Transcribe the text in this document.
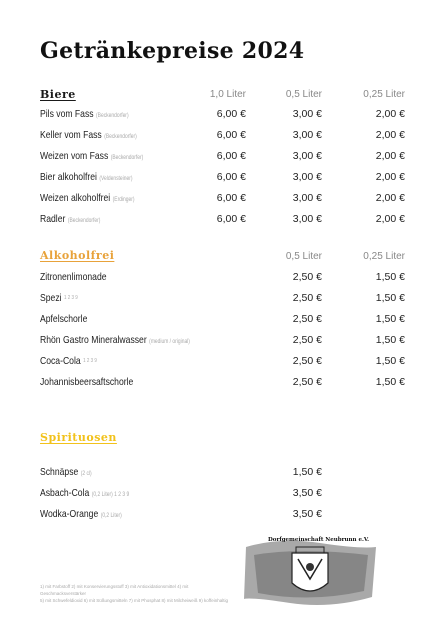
Getränkepreise 2024
Biere	1,0 Liter	0,5 Liter	0,25 Liter
Pils vom Fass (Beckendorfer)	6,00 €	3,00 €	2,00 €
Keller vom Fass (Beckendorfer)	6,00 €	3,00 €	2,00 €
Weizen vom Fass (Beckendorfer)	6,00 €	3,00 €	2,00 €
Bier alkoholfrei (Veldensteiner)	6,00 €	3,00 €	2,00 €
Weizen alkoholfrei (Erdinger)	6,00 €	3,00 €	2,00 €
Radler (Beckendorfer)	6,00 €	3,00 €	2,00 €
Alkoholfrei	0,5 Liter	0,25 Liter
Zitronenlimonade	2,50 €	1,50 €
Spezi $^{1 2 3 9}$	2,50 €	1,50 €
Apfelschorle	2,50 €	1,50 €
Rhön Gastro Mineralwasser (medium / original)	2,50 €	1,50 €
Coca-Cola $^{1 2 3 9}$	2,50 €	1,50 €
Johannisbeersaftschorle	2,50 €	1,50 €
Spirituosen
Schnäpse (2 cl)	1,50 €
Asbach-Cola (0,2 Liter) 1 2 3 9	3,50 €
Wodka-Orange (0,2 Liter)	3,50 €
1) mit Farbstoff 2) mit Konservierungsstoff 3) mit Antioxidationsmittel 4) mit Geschmacksverstärker
5) mit Schwefeldioxid 6) mit Süßungsmitteln 7) mit Phosphat 8) mit Milcheiweiß 9) koffeinhaltig
Dorfgemeinschaft Neubrunn e.V.
